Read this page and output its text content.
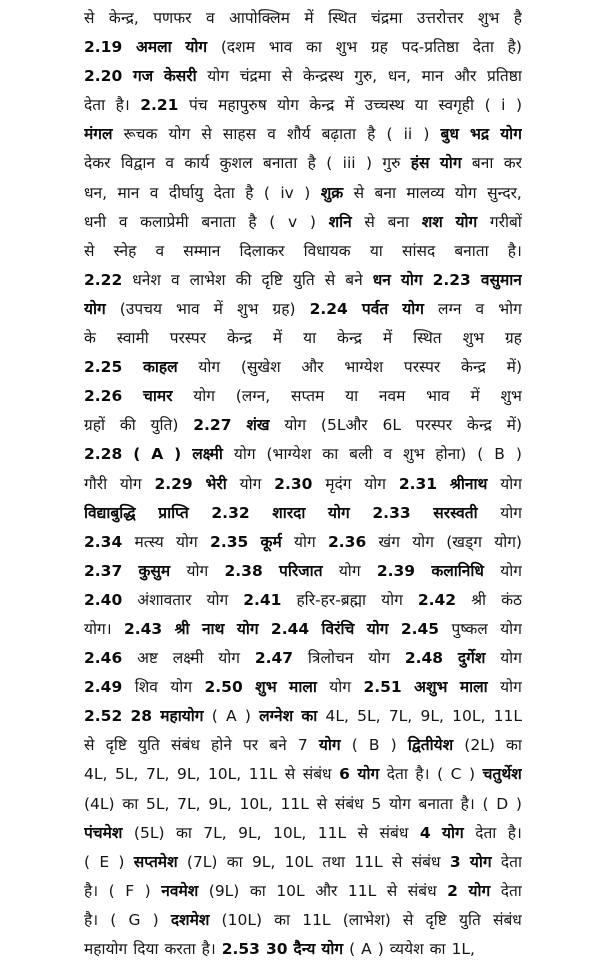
से केन्द्र, पणफर व आपोक्लिम में स्थित चंद्रमा उत्तरोत्तर शुभ है
2.19 अमला योग (दशम भाव का शुभ ग्रह पद-प्रतिष्ठा देता है)
2.20 गज केसरी योग चंद्रमा से केन्द्रस्थ गुरु, धन, मान और प्रतिष्ठा
देता है। 2.21 पंच महापुरुष योग केन्द्र में उच्चस्थ या स्वगृही ( i )
मंगल रूचक योग से साहस व शौर्य बढ़ाता है ( ii ) बुध भद्र योग
देकर विद्वान व कार्य कुशल बनाता है ( iii ) गुरु हंस योग बना कर
धन, मान व दीर्घायु देता है ( iv ) शुक्र से बना मालव्य योग सुन्दर,
धनी व कलाप्रेमी बनाता है ( v ) शनि से बना शश योग गरीबों
से स्नेह व सम्मान दिलाकर विधायक या सांसद बनाता है।
2.22 धनेश व लाभेश की दृष्टि युति से बने धन योग 2.23 वसुमान
योग (उपचय भाव में शुभ ग्रह) 2.24 पर्वत योग लग्न व भोग
के स्वामी परस्पर केन्द्र में या केन्द्र में स्थित शुभ ग्रह
2.25 काहल योग (सुखेश और भाग्येश परस्पर केन्द्र में)
2.26 चामर योग (लग्न, सप्तम या नवम भाव में शुभ
ग्रहों की युति) 2.27 शंख योग (5Lऔर 6L परस्पर केन्द्र में)
2.28 ( A ) लक्ष्मी योग (भाग्येश का बली व शुभ होना) ( B )
गौरी योग 2.29 भेरी योग 2.30 मृदंग योग 2.31 श्रीनाथ योग
विद्याबुद्धि प्राप्ति 2.32 शारदा योग 2.33 सरस्वती योग
2.34 मत्स्य योग 2.35 कूर्म योग 2.36 खंग योग (खड्ग योग)
2.37 कुसुम योग 2.38 परिजात योग 2.39 कलानिधि योग
2.40 अंशावतार योग 2.41 हरि-हर-ब्रह्मा योग 2.42 श्री कंठ
योग। 2.43 श्री नाथ योग 2.44 विरंचि योग 2.45 पुष्कल योग
2.46 अष्ट लक्ष्मी योग 2.47 त्रिलोचन योग 2.48 दुर्गेश योग
2.49 शिव योग 2.50 शुभ माला योग 2.51 अशुभ माला योग
2.52 28 महायोग ( A ) लग्नेश का 4L, 5L, 7L, 9L, 10L, 11L
से दृष्टि युति संबंध होने पर बने 7 योग ( B ) द्वितीयेश (2L) का
4L, 5L, 7L, 9L, 10L, 11L से संबंध 6 योग देता है। ( C ) चतुर्थेश
(4L) का 5L, 7L, 9L, 10L, 11L से संबंध 5 योग बनाता है। ( D )
पंचमेश (5L) का 7L, 9L, 10L, 11L से संबंध 4 योग देता है।
( E ) सप्तमेश (7L) का 9L, 10L तथा 11L से संबंध 3 योग देता
है। ( F ) नवमेश (9L) का 10L और 11L से संबंध 2 योग देता
है। ( G ) दशमेश (10L) का 11L (लाभेश) से दृष्टि युति संबंध
महायोग दिया करता है। 2.53 30 दैन्य योग ( A ) व्ययेश का 1L,
